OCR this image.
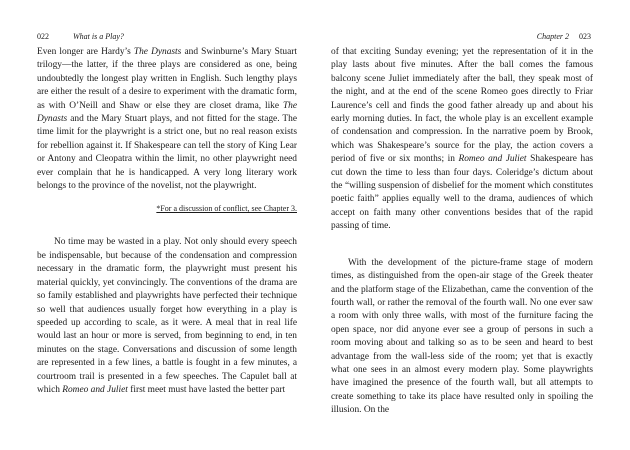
022	What is a Play?

Even longer are Hardy’s The Dynasts and Swinburne’s Mary Stuart trilogy—the latter, if the three plays are considered as one, being undoubtedly the longest play written in English. Such lengthy plays are either the result of a desire to experiment with the dramatic form, as with O’Neill and Shaw or else they are closet drama, like The Dynasts and the Mary Stuart plays, and not fitted for the stage. The time limit for the playwright is a strict one, but no real reason exists for rebellion against it. If Shakespeare can tell the story of King Lear or Antony and Cleopatra within the limit, no other playwright need ever complain that he is handicapped. A very long literary work belongs to the province of the novelist, not the playwright.

*For a discussion of conflict, see Chapter 3.

No time may be wasted in a play. Not only should every speech be indispensable, but because of the condensation and compression necessary in the dramatic form, the playwright must present his material quickly, yet convincingly. The conventions of the drama are so family established and playwrights have perfected their technique so well that audiences usually forget how everything in a play is speeded up according to scale, as it were. A meal that in real life would last an hour or more is served, from beginning to end, in ten minutes on the stage. Conversations and discussion of some length are represented in a few lines, a battle is fought in a few minutes, a courtroom trail is presented in a few speeches. The Capulet ball at which Romeo and Juliet first meet must have lasted the better part

Chapter 2 023

of that exciting Sunday evening; yet the representation of it in the play lasts about five minutes. After the ball comes the famous balcony scene Juliet immediately after the ball, they speak most of the night, and at the end of the scene Romeo goes directly to Friar Laurence’s cell and finds the good father already up and about his early morning duties. In fact, the whole play is an excellent example of condensation and compression. In the narrative poem by Brook, which was Shakespeare’s source for the play, the action covers a period of five or six months; in Romeo and Juliet Shakespeare has cut down the time to less than four days. Coleridge’s dictum about the “willing suspension of disbelief for the moment which constitutes poetic faith” applies equally well to the drama, audiences of which accept on faith many other conventions besides that of the rapid passing of time.

With the development of the picture-frame stage of modern times, as distinguished from the open-air stage of the Greek theater and the platform stage of the Elizabethan, came the convention of the fourth wall, or rather the removal of the fourth wall. No one ever saw a room with only three walls, with most of the furniture facing the open space, nor did anyone ever see a group of persons in such a room moving about and talking so as to be seen and heard to best advantage from the wall-less side of the room; yet that is exactly what one sees in an almost every modern play. Some playwrights have imagined the presence of the fourth wall, but all attempts to create something to take its place have resulted only in spoiling the illusion. On the
